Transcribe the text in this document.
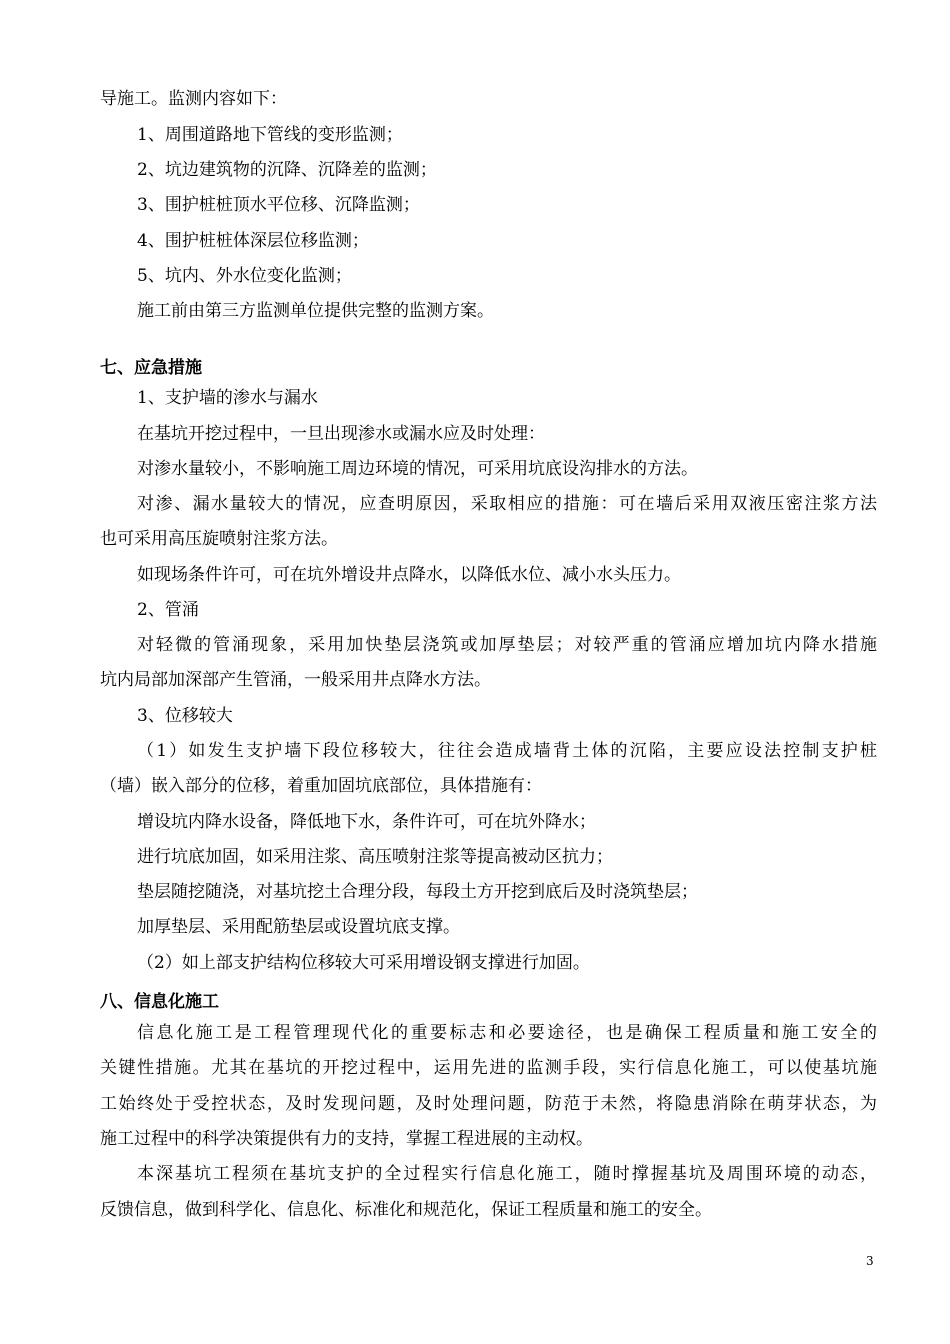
导施工。监测内容如下：
1、周围道路地下管线的变形监测；
2、坑边建筑物的沉降、沉降差的监测；
3、围护桩桩顶水平位移、沉降监测；
4、围护桩桩体深层位移监测；
5、坑内、外水位变化监测；
施工前由第三方监测单位提供完整的监测方案。
七、应急措施
1、支护墙的渗水与漏水
在基坑开挖过程中，一旦出现渗水或漏水应及时处理：
对渗水量较小，不影响施工周边环境的情况，可采用坑底设沟排水的方法。
对渗、漏水量较大的情况，应查明原因，采取相应的措施：可在墙后采用双液压密注浆方法
也可采用高压旋喷射注浆方法。
如现场条件许可，可在坑外增设井点降水，以降低水位、减小水头压力。
2、管涌
对轻微的管涌现象，采用加快垫层浇筑或加厚垫层；对较严重的管涌应增加坑内降水措施
坑内局部加深部产生管涌，一般采用井点降水方法。
3、位移较大
（1）如发生支护墙下段位移较大，往往会造成墙背土体的沉陷，主要应设法控制支护桩
（墙）嵌入部分的位移，着重加固坑底部位，具体措施有：
增设坑内降水设备，降低地下水，条件许可，可在坑外降水；
进行坑底加固，如采用注浆、高压喷射注浆等提高被动区抗力；
垫层随挖随浇，对基坑挖土合理分段，每段土方开挖到底后及时浇筑垫层；
加厚垫层、采用配筋垫层或设置坑底支撑。
（2）如上部支护结构位移较大可采用增设钢支撑进行加固。
八、信息化施工
信息化施工是工程管理现代化的重要标志和必要途径，也是确保工程质量和施工安全的
关键性措施。尤其在基坑的开挖过程中，运用先进的监测手段，实行信息化施工，可以使基坑施
工始终处于受控状态，及时发现问题，及时处理问题，防范于未然，将隐患消除在萌芽状态，为
施工过程中的科学决策提供有力的支持，掌握工程进展的主动权。
本深基坑工程须在基坑支护的全过程实行信息化施工，随时撑握基坑及周围环境的动态，
反馈信息，做到科学化、信息化、标准化和规范化，保证工程质量和施工的安全。
3
